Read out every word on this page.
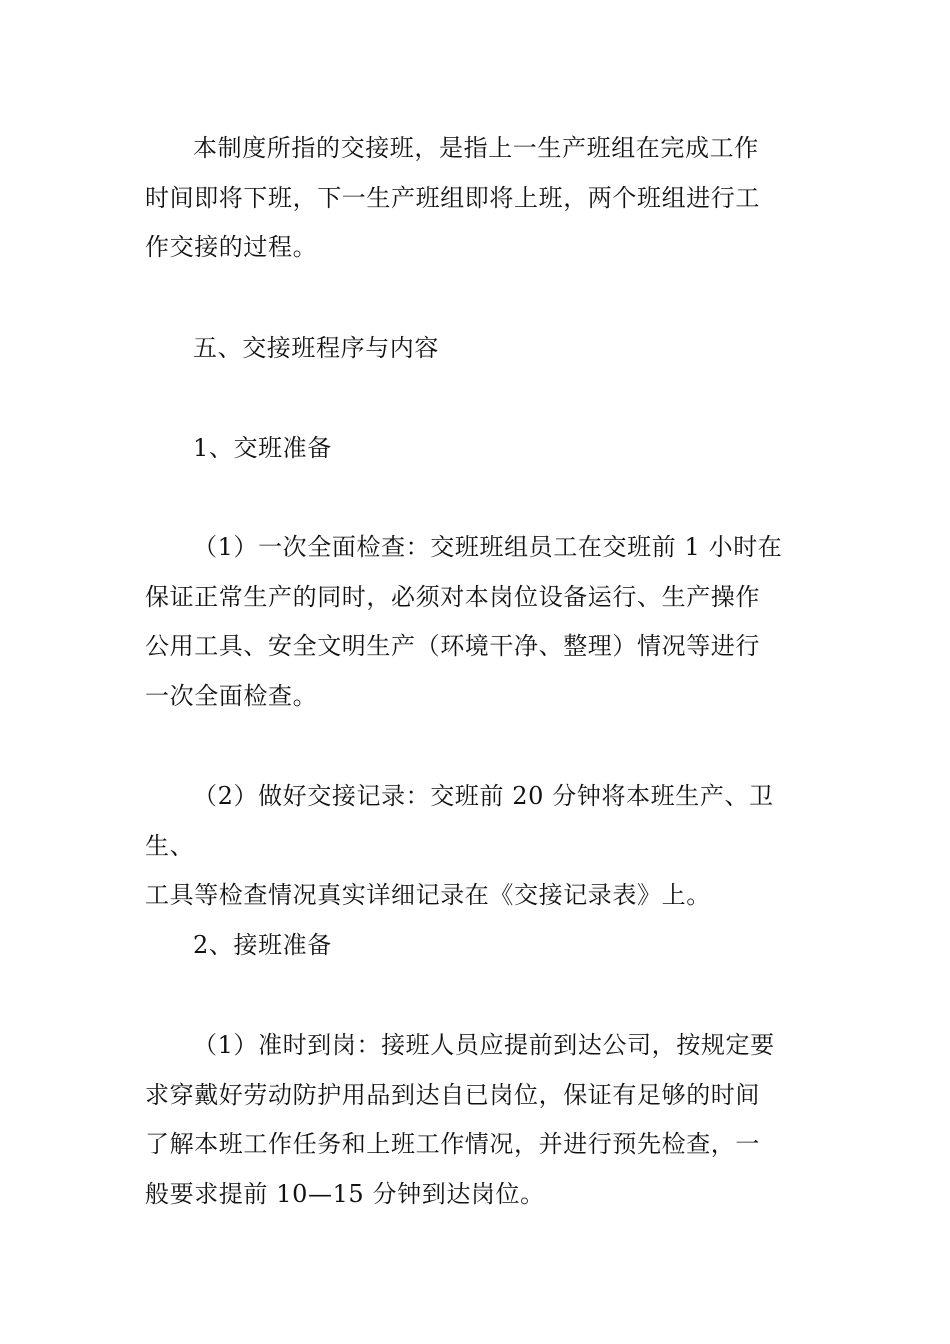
本制度所指的交接班，是指上一生产班组在完成工作
时间即将下班，下一生产班组即将上班，两个班组进行工
作交接的过程。

五、交接班程序与内容

1、交班准备

（1）一次全面检查：交班班组员工在交班前 1 小时在
保证正常生产的同时，必须对本岗位设备运行、生产操作
公用工具、安全文明生产（环境干净、整理）情况等进行
一次全面检查。

（2）做好交接记录：交班前 20 分钟将本班生产、卫生、
工具等检查情况真实详细记录在《交接记录表》上。

2、接班准备

（1）准时到岗：接班人员应提前到达公司，按规定要
求穿戴好劳动防护用品到达自已岗位，保证有足够的时间
了解本班工作任务和上班工作情况，并进行预先检查，一
般要求提前 10—15 分钟到达岗位。
